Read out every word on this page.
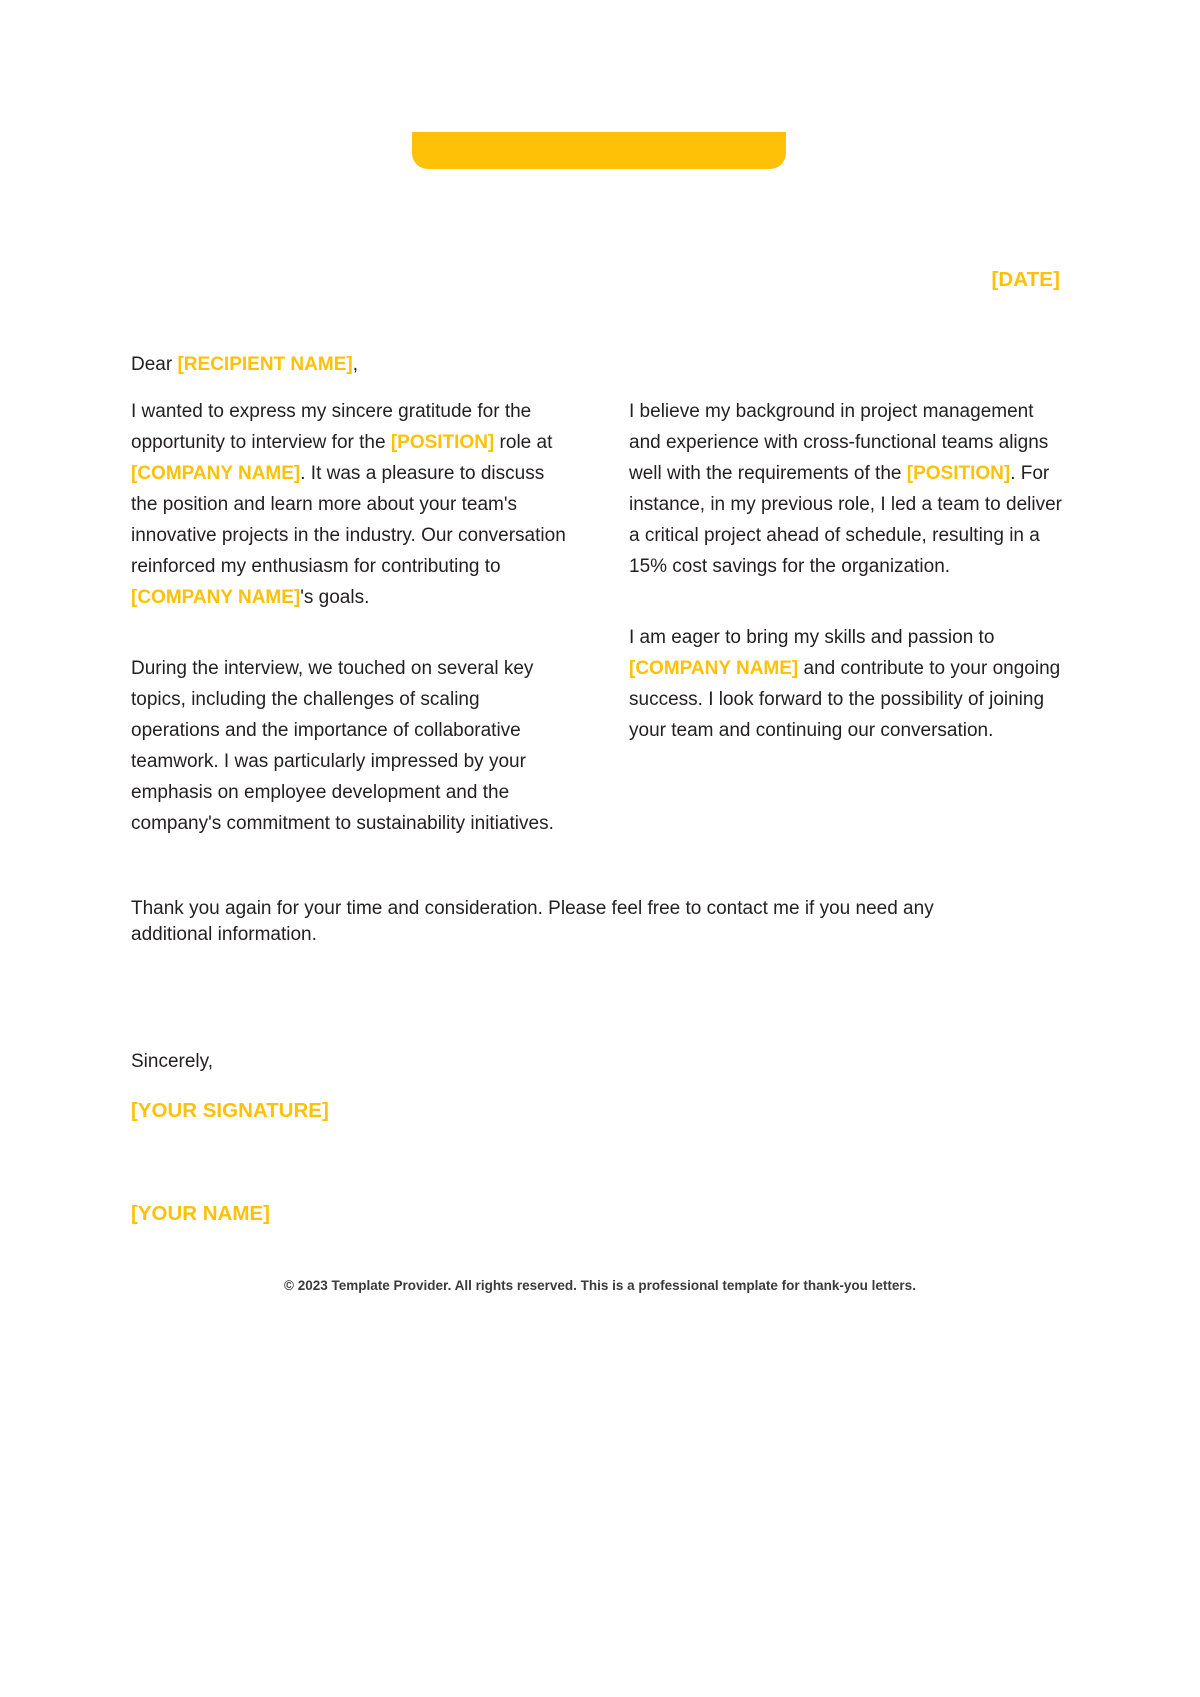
[DATE]
Dear [RECIPIENT NAME],

I wanted to express my sincere gratitude for the opportunity to interview for the [POSITION] role at [COMPANY NAME]. It was a pleasure to discuss the position and learn more about your team's innovative projects in the industry. Our conversation reinforced my enthusiasm for contributing to [COMPANY NAME]'s goals.

During the interview, we touched on several key topics, including the challenges of scaling operations and the importance of collaborative teamwork. I was particularly impressed by your emphasis on employee development and the company's commitment to sustainability initiatives.

I believe my background in project management and experience with cross-functional teams aligns well with the requirements of the [POSITION]. For instance, in my previous role, I led a team to deliver a critical project ahead of schedule, resulting in a 15% cost savings for the organization.

I am eager to bring my skills and passion to [COMPANY NAME] and contribute to your ongoing success. I look forward to the possibility of joining your team and continuing our conversation.

Thank you again for your time and consideration. Please feel free to contact me if you need any additional information.

Sincerely,
[YOUR SIGNATURE]
[YOUR NAME]
© 2023 Template Provider. All rights reserved. This is a professional template for thank-you letters.
